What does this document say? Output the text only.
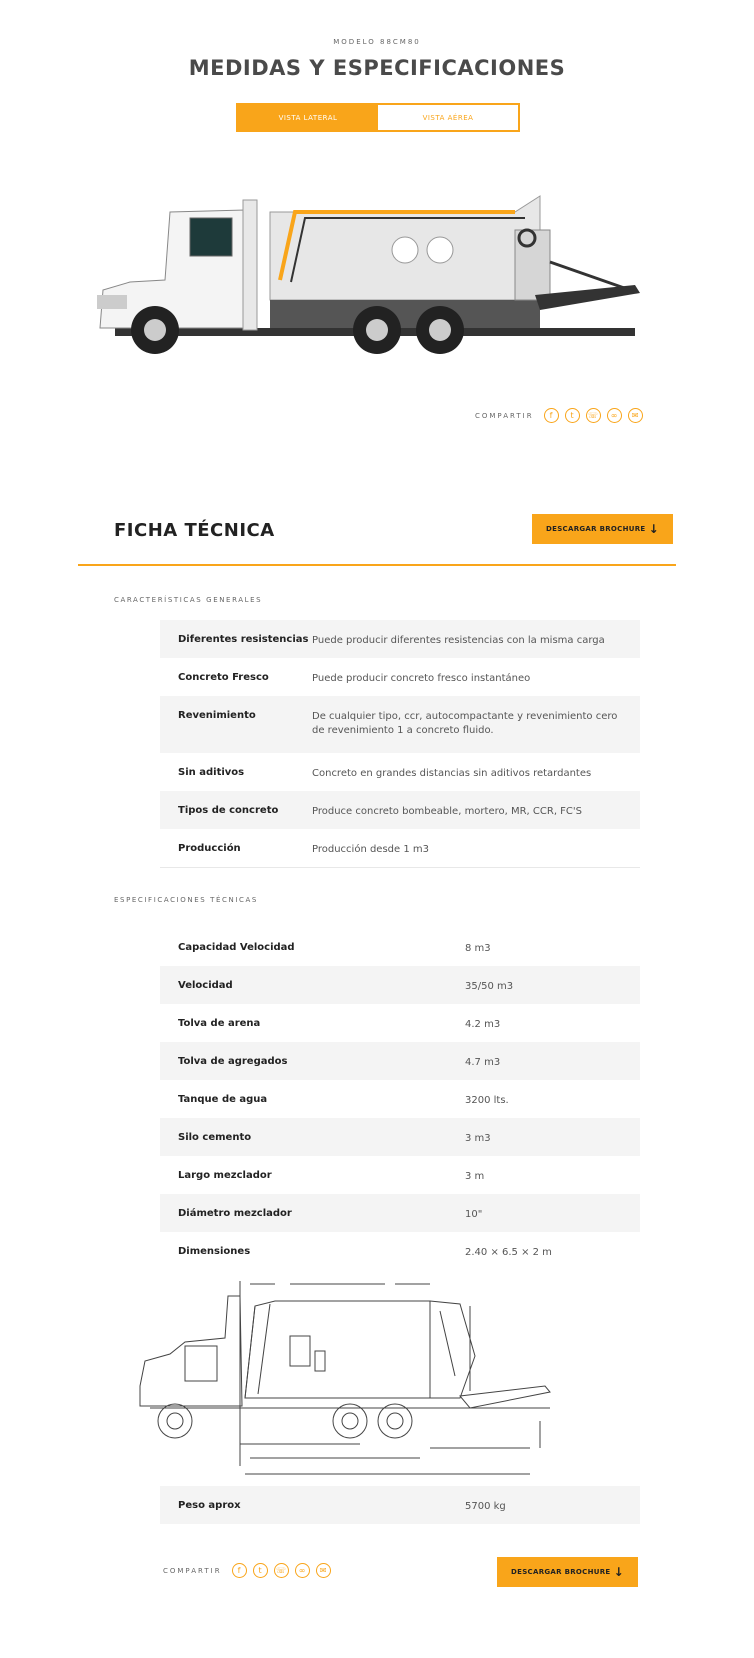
MODELO 88CM80
MEDIDAS Y ESPECIFICACIONES
VISTA LATERAL	VISTA AÉREA
COMPARTIR	f	t	☏	∞	✉
FICHA TÉCNICA	DESCARGAR BROCHURE ↓
CARACTERÍSTICAS GENERALES
Diferentes resistencias	Puede producir diferentes resistencias con la misma carga
Concreto Fresco	Puede producir concreto fresco instantáneo
Revenimiento	De cualquier tipo, ccr, autocompactante y revenimiento cero de revenimiento 1 a concreto fluido.
Sin aditivos	Concreto en grandes distancias sin aditivos retardantes
Tipos de concreto	Produce concreto bombeable, mortero, MR, CCR, FC'S
Producción	Producción desde 1 m3
ESPECIFICACIONES TÉCNICAS
Capacidad Velocidad	8 m3
Velocidad	35/50 m3
Tolva de arena	4.2 m3
Tolva de agregados	4.7 m3
Tanque de agua	3200 lts.
Silo cemento	3 m3
Largo mezclador	3 m
Diámetro mezclador	10"
Dimensiones	2.40 × 6.5 × 2 m
Peso aprox	5700 kg
COMPARTIR	f	t	☏	∞	✉	DESCARGAR BROCHURE ↓
